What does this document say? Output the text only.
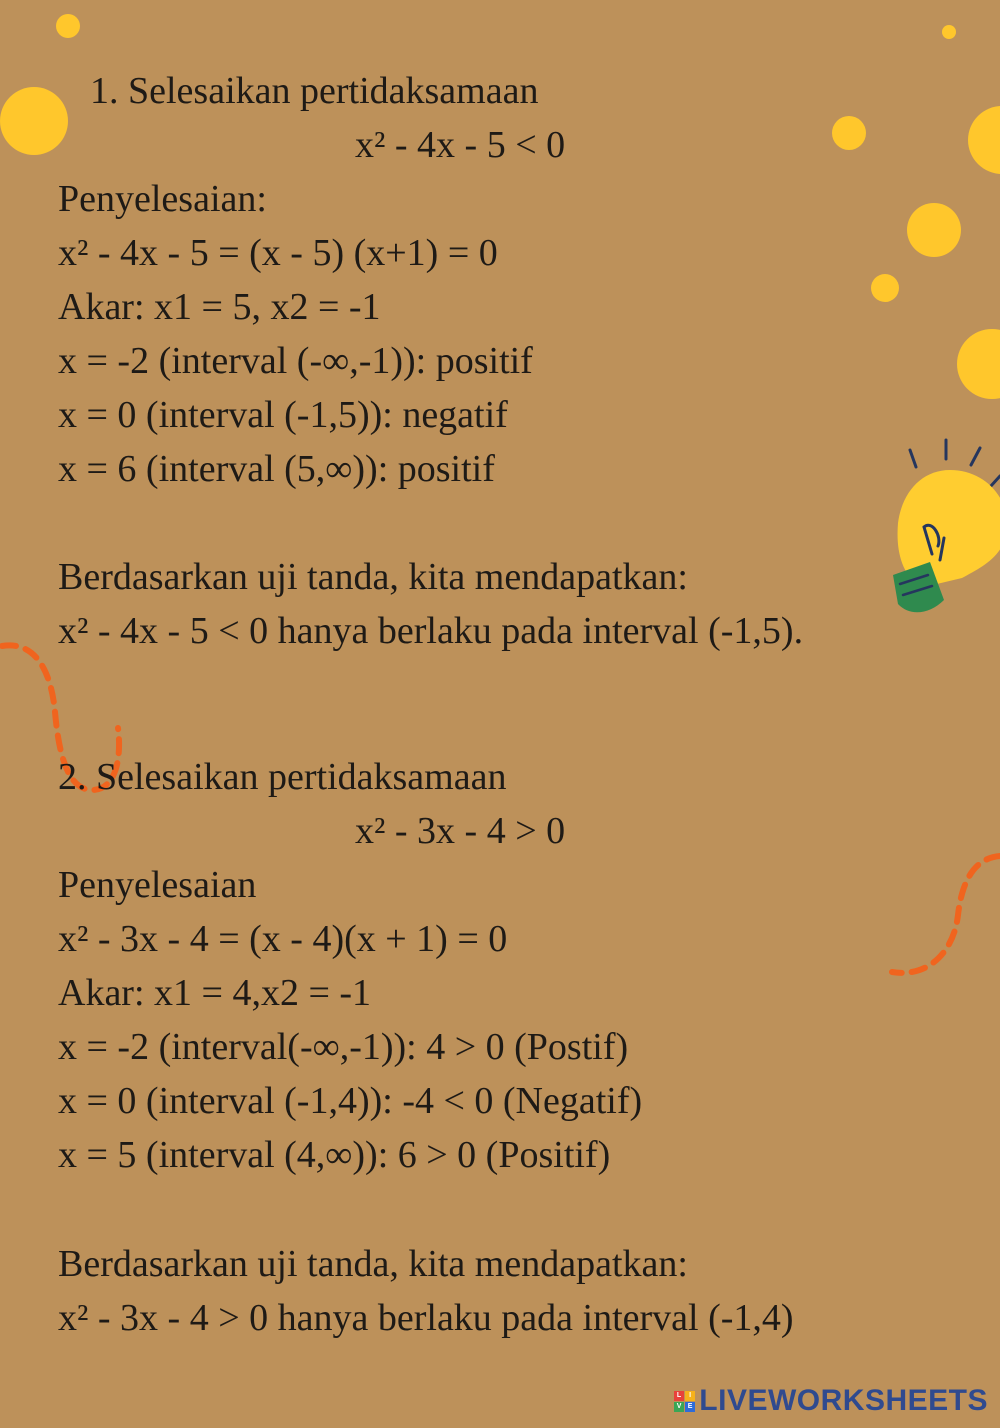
1. Selesaikan pertidaksamaan
x² - 4x - 5 < 0
Penyelesaian:
x² - 4x - 5 = (x - 5) (x+1) = 0
Akar: x1 = 5, x2 = -1
x = -2 (interval (-∞,-1)): positif
x = 0 (interval (-1,5)): negatif
x = 6 (interval (5,∞)): positif
Berdasarkan uji tanda, kita mendapatkan:
x² - 4x - 5 < 0 hanya berlaku pada interval (-1,5).
2. Selesaikan pertidaksamaan
x² - 3x - 4 > 0
Penyelesaian
x² - 3x - 4 = (x - 4)(x + 1) = 0
Akar: x1 = 4,x2 = -1
x = -2 (interval(-∞,-1)): 4 > 0 (Postif)
x = 0 (interval (-1,4)): -4 < 0 (Negatif)
x = 5 (interval (4,∞)): 6 > 0 (Positif)
Berdasarkan uji tanda, kita mendapatkan:
x² - 3x - 4 > 0 hanya berlaku pada interval (-1,4)
L	I
V E LIVEWORKSHEETS
